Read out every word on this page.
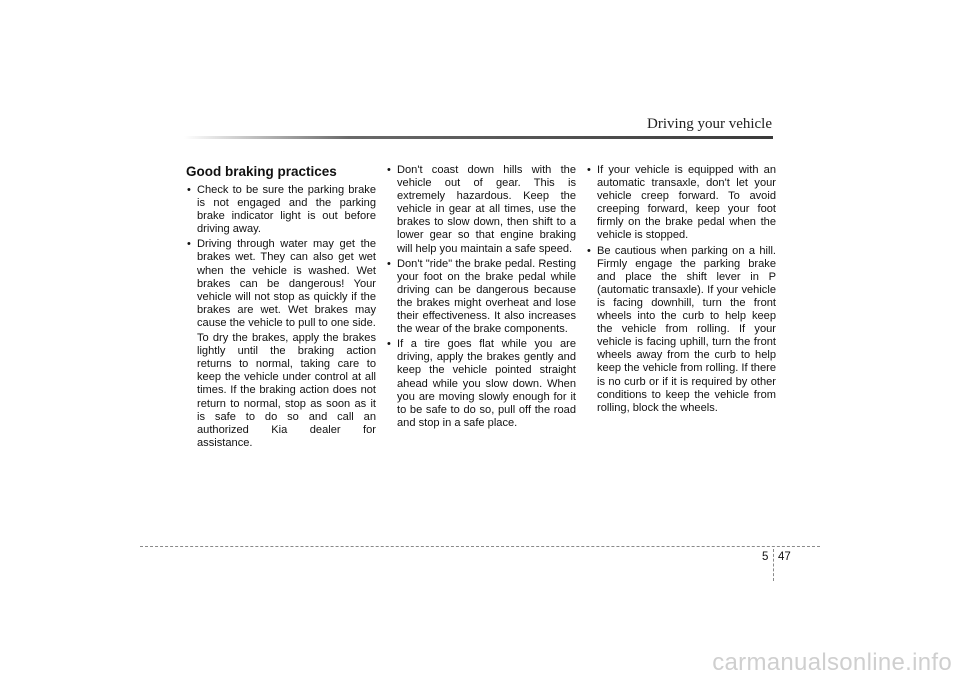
Driving your vehicle
Good braking practices
• Check to be sure the parking brake is not engaged and the parking brake indicator light is out before driving away.
• Driving through water may get the brakes wet. They can also get wet when the vehicle is washed. Wet brakes can be dangerous! Your vehicle will not stop as quickly if the brakes are wet. Wet brakes may cause the vehicle to pull to one side.
To dry the brakes, apply the brakes lightly until the braking action returns to normal, taking care to keep the vehicle under control at all times. If the braking action does not return to normal, stop as soon as it is safe to do so and call an authorized Kia dealer for assistance.
• Don't coast down hills with the vehicle out of gear. This is extremely hazardous. Keep the vehicle in gear at all times, use the brakes to slow down, then shift to a lower gear so that engine braking will help you maintain a safe speed.
• Don't "ride" the brake pedal. Resting your foot on the brake pedal while driving can be dangerous because the brakes might overheat and lose their effectiveness. It also increases the wear of the brake components.
• If a tire goes flat while you are driving, apply the brakes gently and keep the vehicle pointed straight ahead while you slow down. When you are moving slowly enough for it to be safe to do so, pull off the road and stop in a safe place.
• If your vehicle is equipped with an automatic transaxle, don't let your vehicle creep forward. To avoid creeping forward, keep your foot firmly on the brake pedal when the vehicle is stopped.
• Be cautious when parking on a hill. Firmly engage the parking brake and place the shift lever in P (automatic transaxle). If your vehicle is facing downhill, turn the front wheels into the curb to help keep the vehicle from rolling. If your vehicle is facing uphill, turn the front wheels away from the curb to help keep the vehicle from rolling. If there is no curb or if it is required by other conditions to keep the vehicle from rolling, block the wheels.
5 47
carmanualsonline.info
